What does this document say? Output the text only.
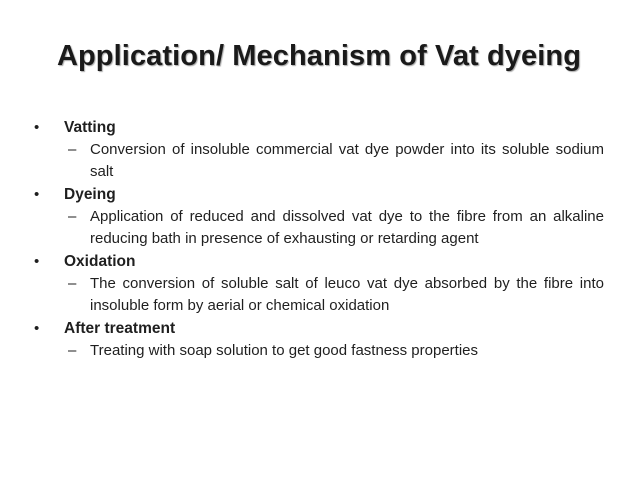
Application/ Mechanism of Vat dyeing
•	Vatting
– Conversion of insoluble commercial vat dye powder into its soluble sodium salt
•	Dyeing
– Application of reduced and dissolved vat dye to the fibre from an alkaline reducing bath in presence of exhausting or retarding agent
•	Oxidation
– The conversion of soluble salt of leuco vat dye absorbed by the fibre into insoluble form by aerial or chemical oxidation
•	After treatment
– Treating with soap solution to get good fastness properties
